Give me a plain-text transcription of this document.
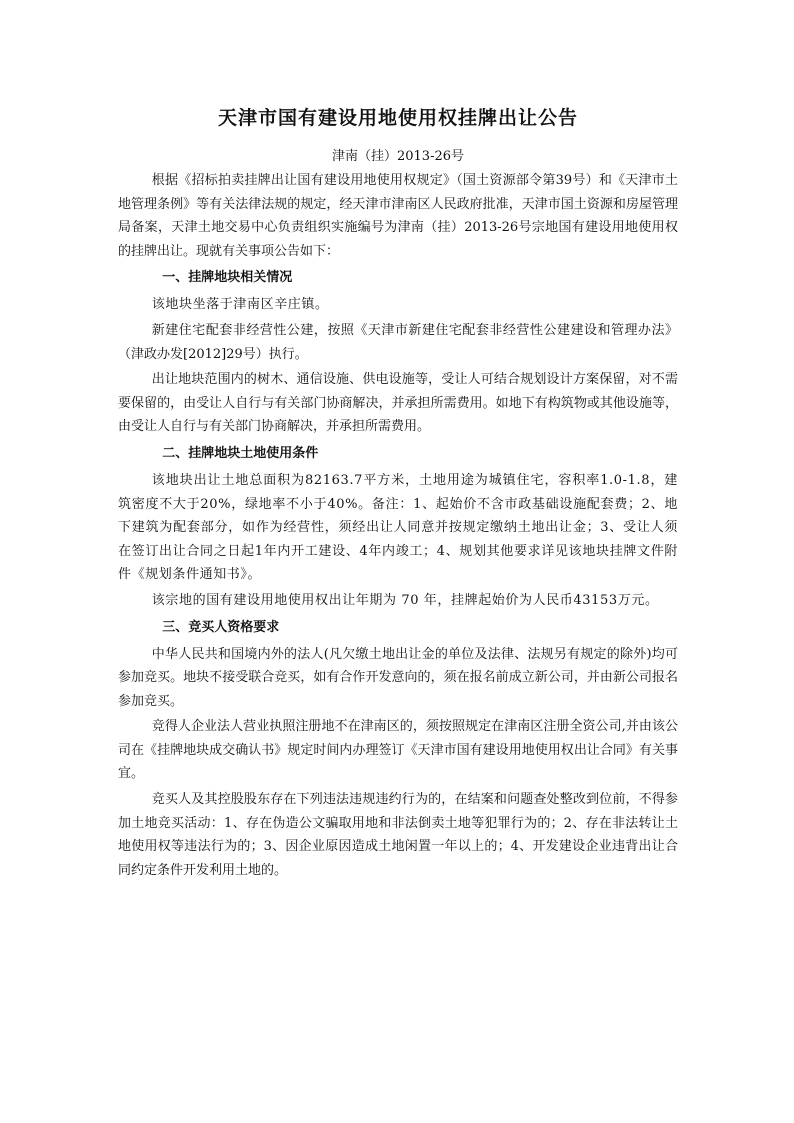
天津市国有建设用地使用权挂牌出让公告

津南（挂）2013-26号

根据《招标拍卖挂牌出让国有建设用地使用权规定》（国土资源部令第39号）和《天津市土地管理条例》等有关法律法规的规定，经天津市津南区人民政府批准，天津市国土资源和房屋管理局备案，天津土地交易中心负责组织实施编号为津南（挂）2013-26号宗地国有建设用地使用权的挂牌出让。现就有关事项公告如下：

一、挂牌地块相关情况

该地块坐落于津南区辛庄镇。

新建住宅配套非经营性公建，按照《天津市新建住宅配套非经营性公建建设和管理办法》（津政办发[2012]29号）执行。

出让地块范围内的树木、通信设施、供电设施等，受让人可结合规划设计方案保留，对不需要保留的，由受让人自行与有关部门协商解决，并承担所需费用。如地下有构筑物或其他设施等，由受让人自行与有关部门协商解决，并承担所需费用。

二、挂牌地块土地使用条件

该地块出让土地总面积为82163.7平方米，土地用途为城镇住宅，容积率1.0-1.8，建筑密度不大于20%，绿地率不小于40%。备注：1、起始价不含市政基础设施配套费；2、地下建筑为配套部分，如作为经营性，须经出让人同意并按规定缴纳土地出让金；3、受让人须在签订出让合同之日起1年内开工建设、4年内竣工；4、规划其他要求详见该地块挂牌文件附件《规划条件通知书》。

该宗地的国有建设用地使用权出让年期为 70 年，挂牌起始价为人民币43153万元。

三、竞买人资格要求

中华人民共和国境内外的法人(凡欠缴土地出让金的单位及法律、法规另有规定的除外)均可参加竞买。地块不接受联合竞买，如有合作开发意向的，须在报名前成立新公司，并由新公司报名参加竞买。

竞得人企业法人营业执照注册地不在津南区的，须按照规定在津南区注册全资公司,并由该公司在《挂牌地块成交确认书》规定时间内办理签订《天津市国有建设用地使用权出让合同》有关事宜。

竞买人及其控股股东存在下列违法违规违约行为的，在结案和问题查处整改到位前，不得参加土地竞买活动：1、存在伪造公文骗取用地和非法倒卖土地等犯罪行为的；2、存在非法转让土地使用权等违法行为的；3、因企业原因造成土地闲置一年以上的；4、开发建设企业违背出让合同约定条件开发利用土地的。
